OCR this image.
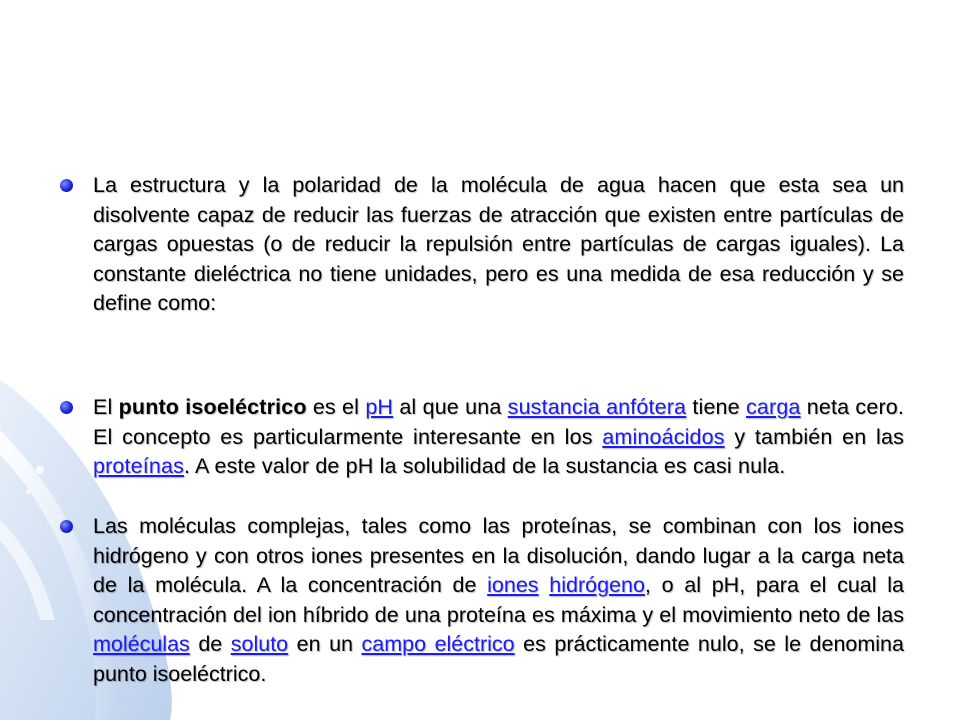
La estructura y la polaridad de la molécula de agua hacen que esta sea un disolvente capaz de reducir las fuerzas de atracción que existen entre partículas de cargas opuestas (o de reducir la repulsión entre partículas de cargas iguales). La constante dieléctrica no tiene unidades, pero es una medida de esa reducción y se define como:
El punto isoeléctrico es el pH al que una sustancia anfótera tiene carga neta cero. El concepto es particularmente interesante en los aminoácidos y también en las proteínas. A este valor de pH la solubilidad de la sustancia es casi nula.
Las moléculas complejas, tales como las proteínas, se combinan con los iones hidrógeno y con otros iones presentes en la disolución, dando lugar a la carga neta de la molécula. A la concentración de iones hidrógeno, o al pH, para el cual la concentración del ion híbrido de una proteína es máxima y el movimiento neto de las moléculas de soluto en un campo eléctrico es prácticamente nulo, se le denomina punto isoeléctrico.
